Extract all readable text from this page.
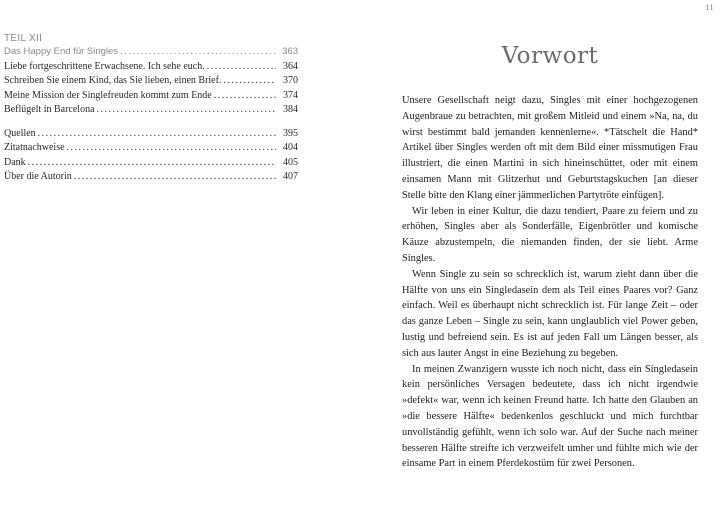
11
TEIL XII
Das Happy End für Singles .....	363
Liebe fortgeschrittene Erwachsene. Ich sehe euch. .....	364
Schreiben Sie einem Kind, das Sie lieben, einen Brief. .....	370
Meine Mission der Singlefreuden kommt zum Ende .....	374
Beflügelt in Barcelona .....	384
Quellen .....	395
Zitatnachweise .....	404
Dank .....	405
Über die Autorin .....	407
Vorwort

Unsere Gesellschaft neigt dazu, Singles mit einer hochgezogenen Augenbraue zu betrachten, mit großem Mitleid und einem »Na, na, du wirst bestimmt bald jemanden kennenlerne«. *Tätschelt die Hand* Artikel über Singles werden oft mit dem Bild einer missmutigen Frau illustriert, die einen Martini in sich hineinschüttet, oder mit einem einsamen Mann mit Glitzerhut und Geburtstagskuchen [an dieser Stelle bitte den Klang einer jämmerlichen Partytröte einfügen].

Wir leben in einer Kultur, die dazu tendiert, Paare zu feiern und zu erhöhen, Singles aber als Sonderfälle, Eigenbrötler und komische Käuze abzustempeln, die niemanden finden, der sie liebt. Arme Singles.

Wenn Single zu sein so schrecklich ist, warum zieht dann über die Hälfte von uns ein Singledasein dem als Teil eines Paares vor? Ganz einfach. Weil es überhaupt nicht schrecklich ist. Für lange Zeit – oder das ganze Leben – Single zu sein, kann unglaublich viel Power geben, lustig und befreiend sein. Es ist auf jeden Fall um Längen besser, als sich aus lauter Angst in eine Beziehung zu begeben.

In meinen Zwanzigern wusste ich noch nicht, dass ein Singledasein kein persönliches Versagen bedeutete, dass ich nicht irgendwie »defekt« war, wenn ich keinen Freund hatte. Ich hatte den Glauben an »die bessere Hälfte« bedenkenlos geschluckt und mich furchtbar unvollständig gefühlt, wenn ich solo war. Auf der Suche nach meiner besseren Hälfte streifte ich verzweifelt umher und fühlte mich wie der einsame Part in einem Pferdekostüm für zwei Personen.
